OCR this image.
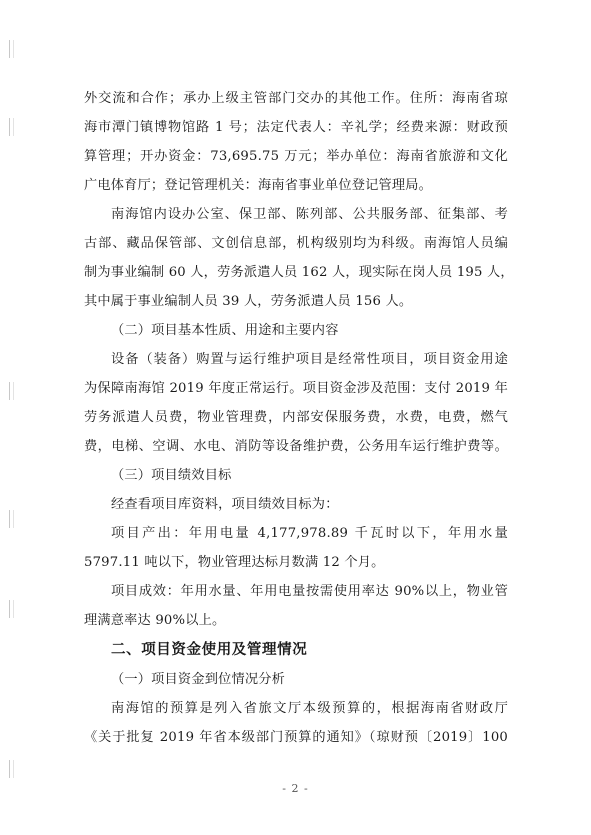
外交流和合作；承办上级主管部门交办的其他工作。住所：海南省琼
海市潭门镇博物馆路 1 号；法定代表人：辛礼学；经费来源：财政预
算管理；开办资金：73,695.75 万元；举办单位：海南省旅游和文化
广电体育厅；登记管理机关：海南省事业单位登记管理局。
南海馆内设办公室、保卫部、陈列部、公共服务部、征集部、考
古部、藏品保管部、文创信息部，机构级别均为科级。南海馆人员编
制为事业编制 60 人，劳务派遣人员 162 人，现实际在岗人员 195 人，
其中属于事业编制人员 39 人，劳务派遣人员 156 人。
（二）项目基本性质、用途和主要内容
设备（装备）购置与运行维护项目是经常性项目，项目资金用途
为保障南海馆 2019 年度正常运行。项目资金涉及范围：支付 2019 年
劳务派遣人员费，物业管理费，内部安保服务费，水费，电费，燃气
费，电梯、空调、水电、消防等设备维护费，公务用车运行维护费等。
（三）项目绩效目标
经查看项目库资料，项目绩效目标为：
项目产出：年用电量 4,177,978.89 千瓦时以下，年用水量
5797.11 吨以下，物业管理达标月数满 12 个月。
项目成效：年用水量、年用电量按需使用率达 90%以上，物业管
理满意率达 90%以上。
二、项目资金使用及管理情况
（一）项目资金到位情况分析
南海馆的预算是列入省旅文厅本级预算的，根据海南省财政厅
《关于批复 2019 年省本级部门预算的通知》（琼财预〔2019〕100
- 2 -
